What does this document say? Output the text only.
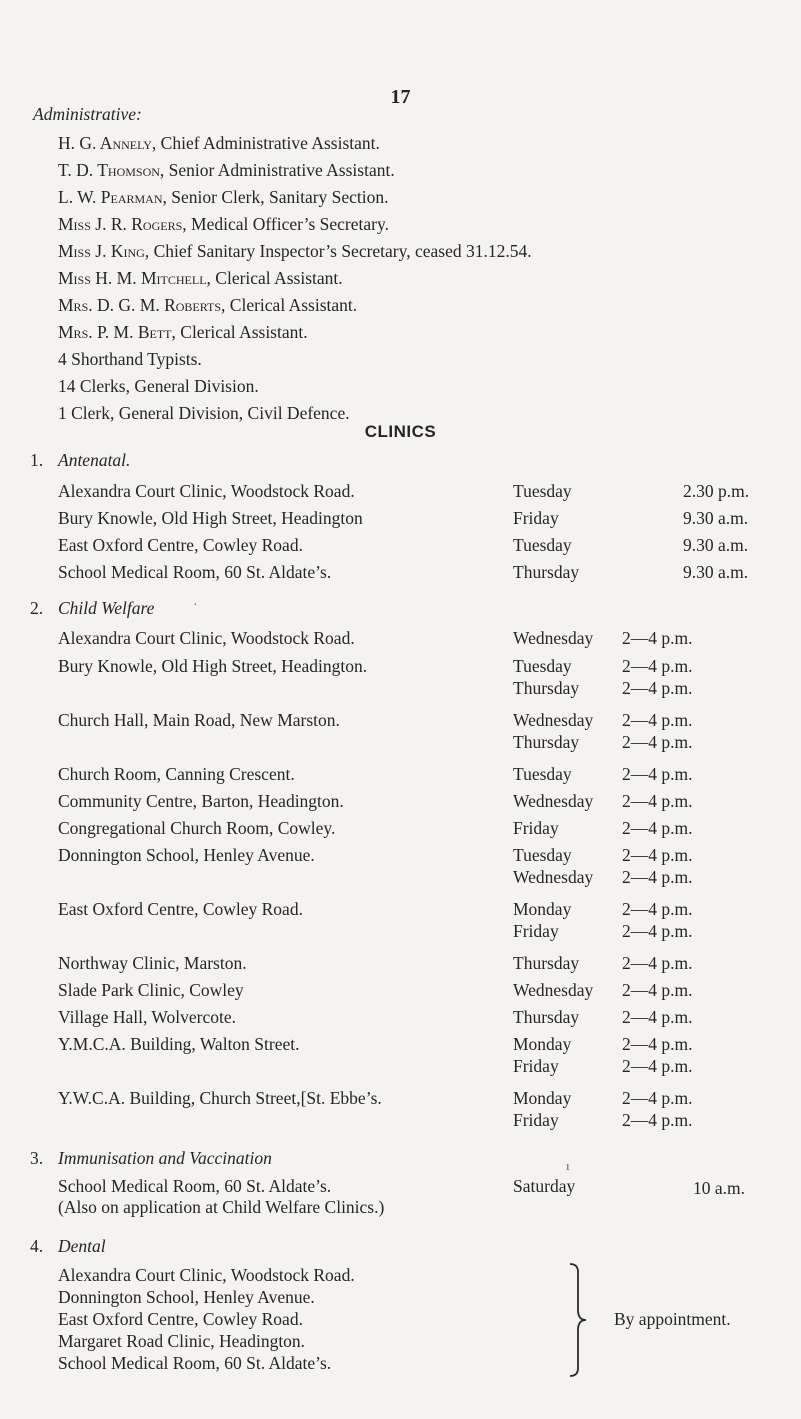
17
Administrative:
H. G. Annely, Chief Administrative Assistant.
T. D. Thomson, Senior Administrative Assistant.
L. W. Pearman, Senior Clerk, Sanitary Section.
Miss J. R. Rogers, Medical Officer’s Secretary.
Miss J. King, Chief Sanitary Inspector’s Secretary, ceased 31.12.54.
Miss H. M. Mitchell, Clerical Assistant.
Mrs. D. G. M. Roberts, Clerical Assistant.
Mrs. P. M. Bett, Clerical Assistant.
4 Shorthand Typists.
14 Clerks, General Division.
1 Clerk, General Division, Civil Defence.
CLINICS
1. Antenatal.
Alexandra Court Clinic, Woodstock Road.	Tuesday	2.30 p.m.
Bury Knowle, Old High Street, Headington	Friday	9.30 a.m.
East Oxford Centre, Cowley Road.	Tuesday	9.30 a.m.
School Medical Room, 60 St. Aldate’s.	Thursday	9.30 a.m.
2. Child Welfare	·
Alexandra Court Clinic, Woodstock Road.	Wednesday 2—4 p.m.
Bury Knowle, Old High Street, Headington.	Tuesday	2—4 p.m.
Thursday 2—4 p.m.
Church Hall, Main Road, New Marston.	Wednesday 2—4 p.m.
Thursday 2—4 p.m.
Church Room, Canning Crescent.	Tuesday	2—4 p.m.
Community Centre, Barton, Headington.	Wednesday 2—4 p.m.
Congregational Church Room, Cowley.	Friday	2—4 p.m.
Donnington School, Henley Avenue.	Tuesday	2—4 p.m.
Wednesday 2—4 p.m.
East Oxford Centre, Cowley Road.	Monday	2—4 p.m.
Friday	2—4 p.m.
Northway Clinic, Marston.	Thursday 2—4 p.m.
Slade Park Clinic, Cowley	Wednesday 2—4 p.m.
Village Hall, Wolvercote.	Thursday 2—4 p.m.
Y.M.C.A. Building, Walton Street.	Monday	2—4 p.m.
Friday	2—4 p.m.
Y.W.C.A. Building, Church Street,[St. Ebbe’s.	Monday	2—4 p.m.
Friday	2—4 p.m.
3. Immunisation and Vaccination	ı
School Medical Room, 60 St. Aldate’s.
(Also on application at Child Welfare Clinics.)
Saturday	10 a.m.
4. Dental
Alexandra Court Clinic, Woodstock Road.
Donnington School, Henley Avenue.
East Oxford Centre, Cowley Road.
Margaret Road Clinic, Headington.
School Medical Room, 60 St. Aldate’s.
By appointment.
